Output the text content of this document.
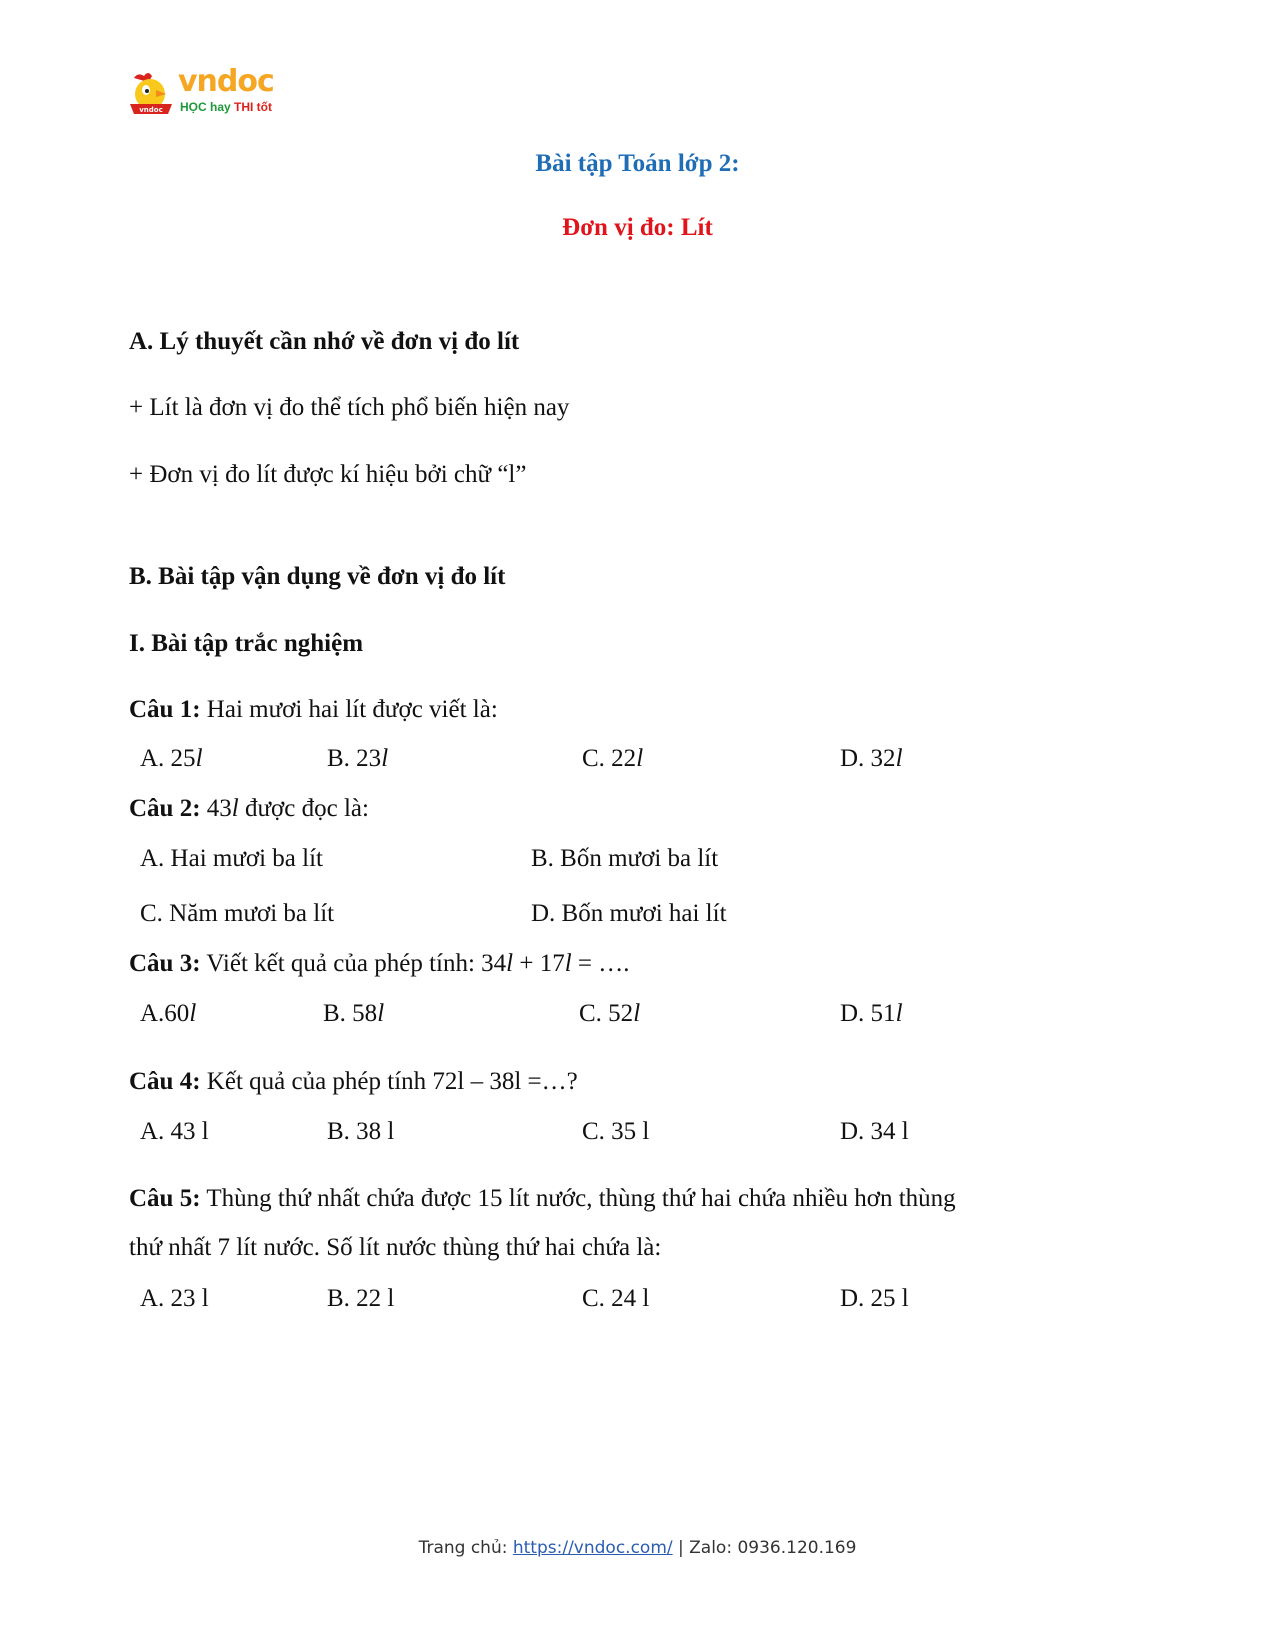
vndoc
vndoc
HỌC hay THI tốt
Bài tập Toán lớp 2:
Đơn vị đo: Lít
A. Lý thuyết cần nhớ về đơn vị đo lít
+ Lít là đơn vị đo thể tích phổ biến hiện nay
+ Đơn vị đo lít được kí hiệu bởi chữ “l”
B. Bài tập vận dụng về đơn vị đo lít
I. Bài tập trắc nghiệm
Câu 1: Hai mươi hai lít được viết là:
A. 25l	B. 23l	C. 22l	D. 32l
Câu 2: 43l được đọc là:
A. Hai mươi ba lít	B. Bốn mươi ba lít
C. Năm mươi ba lít	D. Bốn mươi hai lít
Câu 3: Viết kết quả của phép tính: 34l + 17l = ….
A.60l	B. 58l	C. 52l	D. 51l
Câu 4: Kết quả của phép tính 72l – 38l =…?
A. 43 l	B. 38 l	C. 35 l	D. 34 l
Câu 5: Thùng thứ nhất chứa được 15 lít nước, thùng thứ hai chứa nhiều hơn thùng
thứ nhất 7 lít nước. Số lít nước thùng thứ hai chứa là:
A. 23 l	B. 22 l	C. 24 l	D. 25 l
Trang chủ: https://vndoc.com/ | Zalo: 0936.120.169
